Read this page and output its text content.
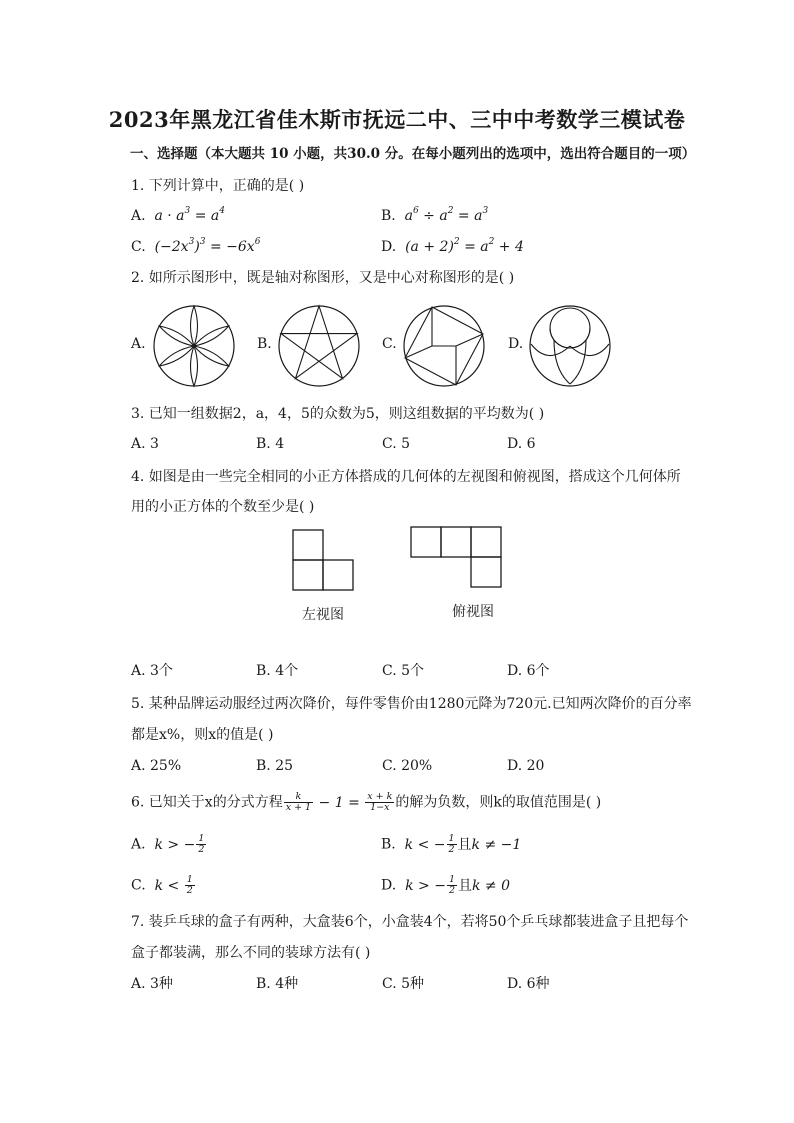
2023年黑龙江省佳木斯市抚远二中、三中中考数学三模试卷
一、选择题（本大题共 10 小题，共30.0 分。在每小题列出的选项中，选出符合题目的一项）
1. 下列计算中，正确的是( )
A.  $a \cdot a^3 = a^4$	B.  $a^6 \div a^2 = a^3$
C.  $(-2x^3)^3 = -6x^6$	D.  $(a + 2)^2 = a^2 + 4$
2. 如所示图形中，既是轴对称图形，又是中心对称图形的是( )
A.	B.	C.	D.
3. 已知一组数据2，a，4，5的众数为5，则这组数据的平均数为( )
A. 3	B. 4	C. 5	D. 6
4. 如图是由一些完全相同的小正方体搭成的几何体的左视图和俯视图，搭成这个几何体所
用的小正方体的个数至少是( )
左视图	俯视图
A. 3个	B. 4个	C. 5个	D. 6个
5. 某种品牌运动服经过两次降价，每件零售价由1280元降为720元.已知两次降价的百分率
都是x%，则x的值是( )
A. 25%	B. 25	C. 20%	D. 20
6. 已知关于x的分式方程 $\frac{k}{x + 1} - 1 = \frac{x + k}{1-x}$ 的解为负数，则k的取值范围是( )
A.  k > − $\frac{1}{2}$	B.  k < − $\frac{1}{2}$ 且k ≠ −1
C.  $k < \frac{1}{2}$	D.  k > − $\frac{1}{2}$ 且k ≠ 0
7. 装乒乓球的盒子有两种，大盒装6个，小盒装4个，若将50个乒乓球都装进盒子且把每个
盒子都装满，那么不同的装球方法有( )
A. 3种	B. 4种	C. 5种	D. 6种
